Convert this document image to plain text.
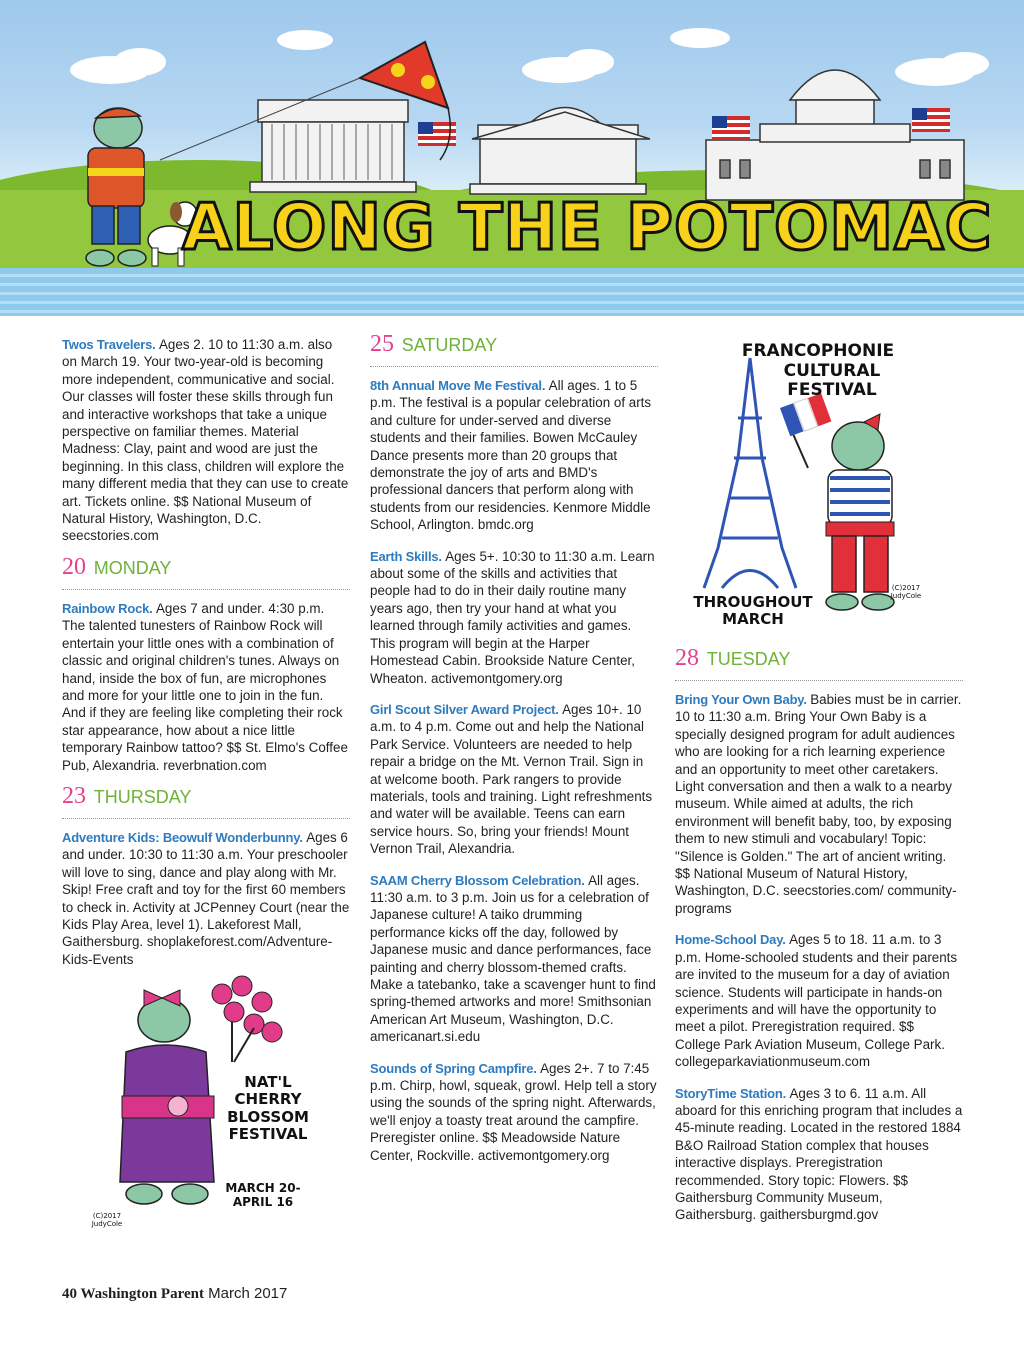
ALONG THE POTOMAC
Twos Travelers. Ages 2. 10 to 11:30 a.m. also on March 19. Your two-year-old is becoming more independent, communicative and social. Our classes will foster these skills through fun and interactive workshops that take a unique perspective on familiar themes. Material Madness: Clay, paint and wood are just the beginning. In this class, children will explore the many different media that they can use to create art. Tickets online. $$ National Museum of Natural History, Washington, D.C. seecstories.com
20 MONDAY
Rainbow Rock. Ages 7 and under. 4:30 p.m. The talented tunesters of Rainbow Rock will entertain your little ones with a combination of classic and original children's tunes. Always on hand, inside the box of fun, are microphones and more for your little one to join in the fun. And if they are feeling like completing their rock star appearance, how about a nice little temporary Rainbow tattoo? $$ St. Elmo's Coffee Pub, Alexandria. reverbnation.com
23 THURSDAY
Adventure Kids: Beowulf Wonderbunny. Ages 6 and under. 10:30 to 11:30 a.m. Your preschooler will love to sing, dance and play along with Mr. Skip! Free craft and toy for the first 60 members to check in. Activity at JCPenney Court (near the Kids Play Area, level 1). Lakeforest Mall, Gaithersburg. shoplakeforest.com/Adventure-Kids-Events
NAT'L
CHERRY
BLOSSOM
FESTIVAL
MARCH 20-
APRIL 16
(C)2017 JudyCole
25 SATURDAY
8th Annual Move Me Festival. All ages. 1 to 5 p.m. The festival is a popular celebration of arts and culture for under-served and diverse students and their families. Bowen McCauley Dance presents more than 20 groups that demonstrate the joy of arts and BMD's professional dancers that perform along with students from our residencies. Kenmore Middle School, Arlington. bmdc.org
Earth Skills. Ages 5+. 10:30 to 11:30 a.m. Learn about some of the skills and activities that people had to do in their daily routine many years ago, then try your hand at what you learned through family activities and games. This program will begin at the Harper Homestead Cabin. Brookside Nature Center, Wheaton. activemontgomery.org
Girl Scout Silver Award Project. Ages 10+. 10 a.m. to 4 p.m. Come out and help the National Park Service. Volunteers are needed to help repair a bridge on the Mt. Vernon Trail. Sign in at welcome booth. Park rangers to provide materials, tools and training. Light refreshments and water will be available. Teens can earn service hours. So, bring your friends! Mount Vernon Trail, Alexandria.
SAAM Cherry Blossom Celebration. All ages. 11:30 a.m. to 3 p.m. Join us for a celebration of Japanese culture! A taiko drumming performance kicks off the day, followed by Japanese music and dance performances, face painting and cherry blossom-themed crafts. Make a tatebanko, take a scavenger hunt to find spring-themed artworks and more! Smithsonian American Art Museum, Washington, D.C. americanart.si.edu
Sounds of Spring Campfire. Ages 2+. 7 to 7:45 p.m. Chirp, howl, squeak, growl. Help tell a story using the sounds of the spring night. Afterwards, we'll enjoy a toasty treat around the campfire. Preregister online. $$ Meadowside Nature Center, Rockville. activemontgomery.org
FRANCOPHONIE
CULTURAL
FESTIVAL
THROUGHOUT
MARCH
(C)2017 JudyCole
28 TUESDAY
Bring Your Own Baby. Babies must be in carrier. 10 to 11:30 a.m. Bring Your Own Baby is a specially designed program for adult audiences who are looking for a rich learning experience and an opportunity to meet other caretakers. Light conversation and then a walk to a nearby museum. While aimed at adults, the rich environment will benefit baby, too, by exposing them to new stimuli and vocabulary! Topic: "Silence is Golden." The art of ancient writing. $$ National Museum of Natural History, Washington, D.C. seecstories.com/ community-programs
Home-School Day. Ages 5 to 18. 11 a.m. to 3 p.m. Home-schooled students and their parents are invited to the museum for a day of aviation science. Students will participate in hands-on experiments and will have the opportunity to meet a pilot. Preregistration required. $$ College Park Aviation Museum, College Park. collegeparkaviationmuseum.com
StoryTime Station. Ages 3 to 6. 11 a.m. All aboard for this enriching program that includes a 45-minute reading. Located in the restored 1884 B&O Railroad Station complex that houses interactive displays. Preregistration recommended. Story topic: Flowers. $$ Gaithersburg Community Museum, Gaithersburg. gaithersburgmd.gov
40 Washington Parent March 2017
